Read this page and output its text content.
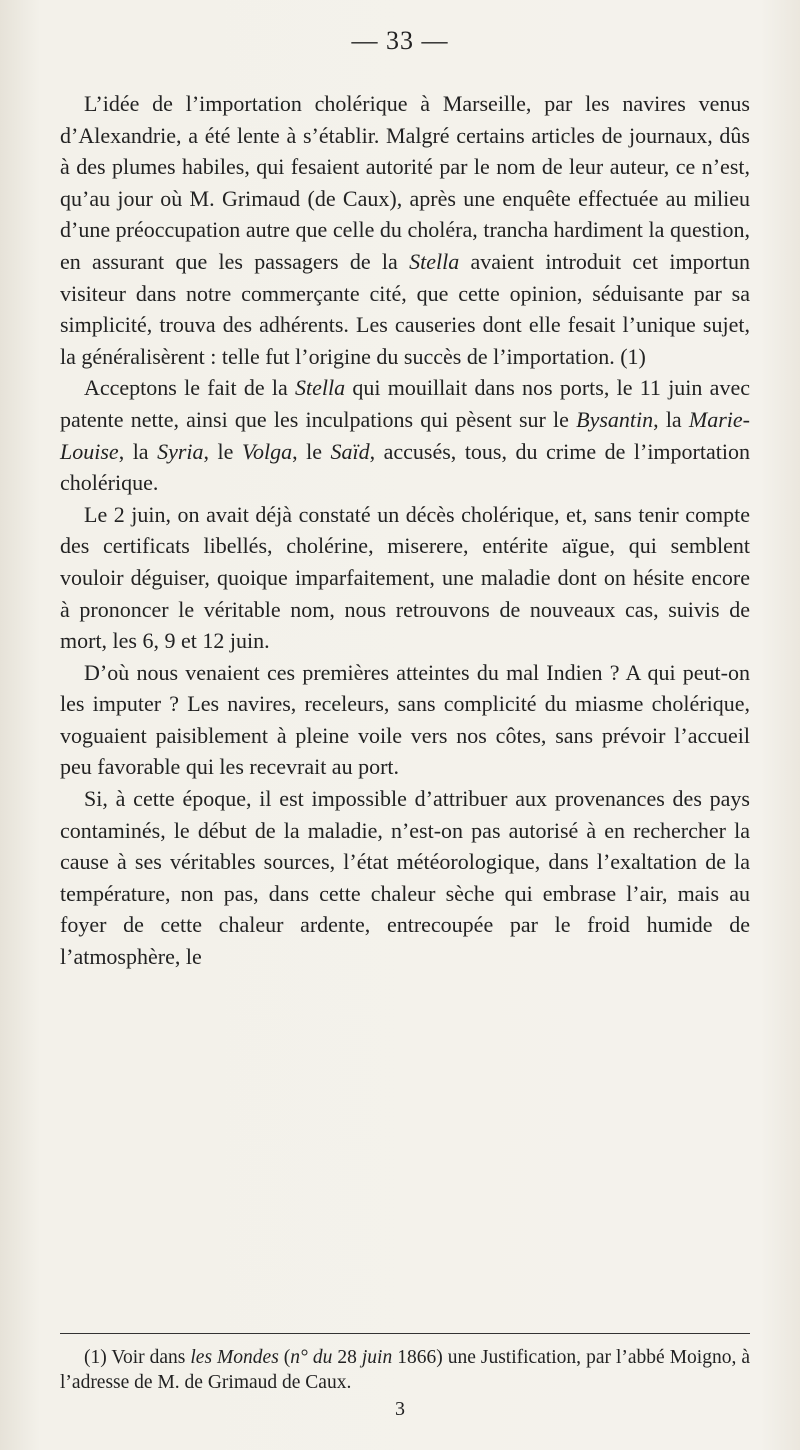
— 33 —

L’idée de l’importation cholérique à Marseille, par les navires venus d’Alexandrie, a été lente à s’établir. Malgré certains articles de journaux, dûs à des plumes habiles, qui fesaient autorité par le nom de leur auteur, ce n’est, qu’au jour où M. Grimaud (de Caux), après une enquête effectuée au milieu d’une préoccupation autre que celle du choléra, trancha hardiment la question, en assurant que les passagers de la Stella avaient introduit cet importun visiteur dans notre commerçante cité, que cette opinion, séduisante par sa simplicité, trouva des adhérents. Les causeries dont elle fesait l’unique sujet, la généralisèrent : telle fut l’origine du succès de l’importation. (1)

Acceptons le fait de la Stella qui mouillait dans nos ports, le 11 juin avec patente nette, ainsi que les inculpations qui pèsent sur le Bysantin, la Marie-Louise, la Syria, le Volga, le Saïd, accusés, tous, du crime de l’importation cholérique.

Le 2 juin, on avait déjà constaté un décès cholérique, et, sans tenir compte des certificats libellés, cholérine, miserere, entérite aïgue, qui semblent vouloir déguiser, quoique imparfaitement, une maladie dont on hésite encore à prononcer le véritable nom, nous retrouvons de nouveaux cas, suivis de mort, les 6, 9 et 12 juin.

D’où nous venaient ces premières atteintes du mal Indien ? A qui peut-on les imputer ? Les navires, receleurs, sans complicité du miasme cholérique, voguaient paisiblement à pleine voile vers nos côtes, sans prévoir l’accueil peu favorable qui les recevrait au port.

Si, à cette époque, il est impossible d’attribuer aux provenances des pays contaminés, le début de la maladie, n’est-on pas autorisé à en rechercher la cause à ses véritables sources, l’état météorologique, dans l’exaltation de la température, non pas, dans cette chaleur sèche qui embrase l’air, mais au foyer de cette chaleur ardente, entrecoupée par le froid humide de l’atmosphère, le

(1) Voir dans les Mondes (n° du 28 juin 1866) une Justification, par l’abbé Moigno, à l’adresse de M. de Grimaud de Caux.

3
